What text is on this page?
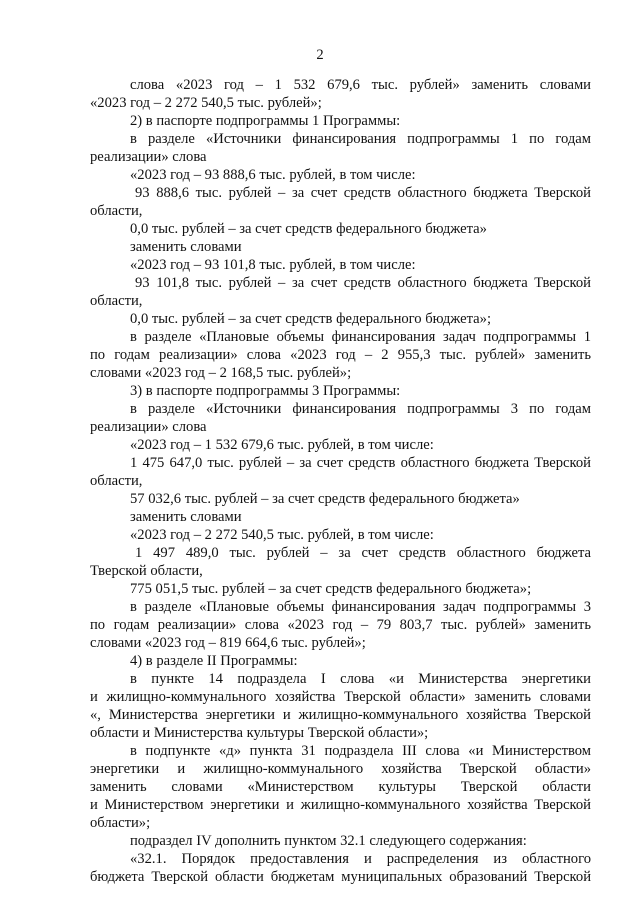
2
слова «2023 год – 1 532 679,6 тыс. рублей» заменить словами
«2023 год – 2 272 540,5 тыс. рублей»;
2) в паспорте подпрограммы 1 Программы:
в разделе «Источники финансирования подпрограммы 1 по годам
реализации» слова
«2023 год – 93 888,6 тыс. рублей, в том числе:
93 888,6 тыс. рублей – за счет средств областного бюджета Тверской
области,
0,0 тыс. рублей – за счет средств федерального бюджета»
заменить словами
«2023 год – 93 101,8 тыс. рублей, в том числе:
93 101,8 тыс. рублей – за счет средств областного бюджета Тверской
области,
0,0 тыс. рублей – за счет средств федерального бюджета»;
в разделе «Плановые объемы финансирования задач подпрограммы 1
по годам реализации» слова «2023 год – 2 955,3 тыс. рублей» заменить
словами «2023 год – 2 168,5 тыс. рублей»;
3) в паспорте подпрограммы 3 Программы:
в разделе «Источники финансирования подпрограммы 3 по годам
реализации» слова
«2023 год – 1 532 679,6 тыс. рублей, в том числе:
1 475 647,0 тыс. рублей – за счет средств областного бюджета Тверской
области,
57 032,6 тыс. рублей – за счет средств федерального бюджета»
заменить словами
«2023 год – 2 272 540,5 тыс. рублей, в том числе:
1 497 489,0 тыс. рублей – за счет средств областного бюджета
Тверской области,
775 051,5 тыс. рублей – за счет средств федерального бюджета»;
в разделе «Плановые объемы финансирования задач подпрограммы 3
по годам реализации» слова «2023 год – 79 803,7 тыс. рублей» заменить
словами «2023 год – 819 664,6 тыс. рублей»;
4) в разделе II Программы:
в пункте 14 подраздела I слова «и Министерства энергетики
и жилищно-коммунального хозяйства Тверской области» заменить словами
«, Министерства энергетики и жилищно-коммунального хозяйства Тверской
области и Министерства культуры Тверской области»;
в подпункте «д» пункта 31 подраздела III слова «и Министерством
энергетики и жилищно-коммунального хозяйства Тверской области»
заменить словами «Министерством культуры Тверской области
и Министерством энергетики и жилищно-коммунального хозяйства Тверской
области»;
подраздел IV дополнить пунктом 32.1 следующего содержания:
«32.1. Порядок предоставления и распределения из областного
бюджета Тверской области бюджетам муниципальных образований Тверской
